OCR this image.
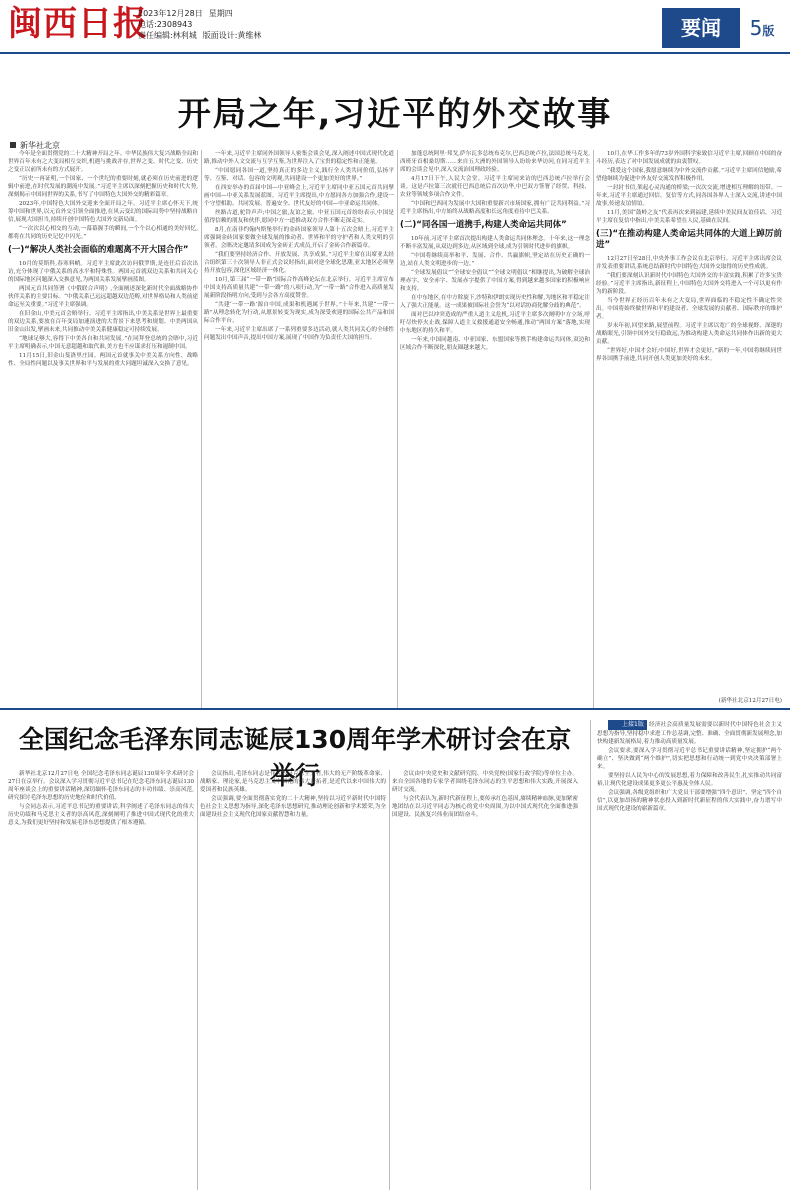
闽西日报
2023年12月28日 星期四
电话:2308943
责任编辑:林利城 版面设计:黄维林	要闻	5版
开局之年,习近平的外交故事
新华社北京

今年是全面贯彻党的二十大精神开局之年。中华民族伟大复兴战略全局和世界百年未有之大变局相互交织,机遇与挑战并存,世界之变、时代之变、历史之变正以前所未有的方式展开。

“历史一再证明,一个国家、一个世纪的重要时刻,就必须在历史前进的逻辑中前进,在时代发展的潮流中发展。”习近平主席以深刻把握历史和时代大势,深刻揭示中国同世界的关系,书写了中国特色大国外交的精彩篇章。

2023年,中国特色大国外交迎来全面开局之年。习近平主席心怀天下,统筹中国和世界,以元首外交引领全面推进,在风云变幻的国际局势中坚持战略自信,展现大国担当,持续开创中国特色大国外交新局面。

“一次次以心相交的互动,一幕幕握手的瞬间,一个个以心相通的美好回忆,都将在共同的历史记忆中闪光。”

(一)“解决人类社会面临的难题离不开大国合作”

10月的莫斯科,春寒料峭。习近平主席此次访问俄罗斯,是连任后首次出访,充分体现了中俄关系的高水平和特殊性。两国元首就双边关系和共同关心的国际地区问题深入交换意见,为两国关系发展擘画蓝图。

两国元首共同签署《中俄联合声明》,全面阐述深化新时代全面战略协作伙伴关系的主要目标。“中俄关系已远远超越双边范畴,对世界格局和人类前途命运至关重要。”习近平主席强调。

在旧金山,中美元首会晤举行。习近平主席指出,中美关系是世界上最重要的双边关系,要放在百年变局加速演进的大背景下来思考和规划。中美两国从旧金山出发,擘画未来,共同推动中美关系健康稳定可持续发展。

“地球足够大,容得下中美各自和共同发展。”在同拜登总统的会晤中,习近平主席明确表示,中国无意超越和取代谁,美方也不应谋求打压和遏制中国。

11月15日,旧金山斐洛里庄园。两国元首就事关中美关系方向性、战略性、全局性问题以及事关世界和平与发展的重大问题坦诚深入交换了意见。

一年来,习近平主席同外国领导人密集会谈会见,深入阐述中国式现代化道路,推动中外人文交流与互学互鉴,为世界注入了宝贵的稳定性和正能量。

“中国愿同各国一道,坚持真正的多边主义,践行全人类共同价值,弘扬平等、互鉴、对话、包容的文明观,共同建设一个更加美好的世界。”

在西安举办的首届中国—中亚峰会上,习近平主席同中亚五国元首共同擘画中国—中亚关系发展蓝图。习近平主席提出,中方愿同各方加强合作,建设一个守望相助、共同发展、普遍安全、世代友好的中国—中亚命运共同体。

丝路古道,驼铃声声;中国之旅,友谊之旅。中亚五国元首纷纷表示,中国是值得信赖的朋友和伙伴,愿同中方一道推动双方合作不断走深走实。

8月,在南非约翰内斯堡举行的金砖国家领导人第十五次会晤上,习近平主席强调金砖国家要做全球发展的推动者、世界和平的守护者和人类文明的引领者。会晤决定邀请多国成为金砖正式成员,开启了金砖合作新篇章。

“我们要坚持经济合作、开放发展、共享成果。”习近平主席在出席亚太经合组织第三十次领导人非正式会议时指出,面对逆全球化思潮,亚太地区必须坚持开放包容,深化区域经济一体化。

10月,第三届“一带一路”国际合作高峰论坛在北京举行。习近平主席宣布中国支持高质量共建“一带一路”的八项行动,为“一带一路”合作进入高质量发展新阶段指明方向,受到与会各方高度赞誉。

“共建‘一带一路’源自中国,成果和机遇属于世界。”十年来,共建“一带一路”从理念转化为行动,从愿景转变为现实,成为深受欢迎的国际公共产品和国际合作平台。

一年来,习近平主席出席了一系列重要多边活动,就人类共同关心的全球性问题发出中国声音,提出中国方案,展现了中国作为负责任大国的担当。

加蓬总统阿里·邦戈,萨尔瓦多总统布克尔,巴西总统卢拉,法国总统马克龙,西班牙首相桑切斯……来自五大洲的外国领导人纷纷来华访问,在同习近平主席的会谈会见中,深入交流治国理政经验。

4月17日下午,人民大会堂。习近平主席同来访的巴西总统卢拉举行会谈。这是卢拉第三次就任巴西总统后首次访华,中巴双方签署了经贸、科技、农业等领域多项合作文件。

“中国和巴西同为发展中大国和重要新兴市场国家,拥有广泛共同利益。”习近平主席指出,中方始终从战略高度和长远角度看待中巴关系。

(二)“同各国一道携手,构建人类命运共同体”

10年前,习近平主席首次提出构建人类命运共同体理念。十年来,这一理念不断丰富发展,从双边到多边,从区域到全球,成为引领时代进步的旗帜。

“中国将继续高举和平、发展、合作、共赢旗帜,坚定站在历史正确的一边,站在人类文明进步的一边。”

“全球发展倡议”“全球安全倡议”“全球文明倡议”相继提出,为破解全球治理赤字、安全赤字、发展赤字提供了中国方案,得到越来越多国家的积极响应和支持。

在中东地区,在中方斡旋下,沙特和伊朗实现历史性和解,为地区和平稳定注入了强大正能量。这一成果被国际社会誉为“以对话协商化解分歧的典范”。

面对巴以冲突造成的严重人道主义危机,习近平主席多次阐明中方立场,呼吁尽快停火止战,保障人道主义救援通道安全畅通,推动“两国方案”落地,实现中东地区的持久和平。

一年来,中国同越南、中亚国家、东盟国家等携手构建命运共同体,双边和区域合作不断深化,朋友圈越来越大。

10月,在华工作多年的73岁外国科学家致信习近平主席,回顾在中国的奋斗经历,表达了对中国发展成就的由衷赞叹。

“我爱这个国家,我愿意继续为中外交流作贡献。”习近平主席回信勉励,希望他继续为促进中外友好交流发挥积极作用。

一封封书信,架起心灵沟通的桥梁;一次次交流,增进相互理解的纽带。一年来,习近平主席通过回信、复信等方式,同各国各界人士深入交流,讲述中国故事,传递友谊情谊。

11月,美国“鼓岭之友”代表再次来到福建,延续中美民间友谊佳话。习近平主席在复信中指出,中美关系希望在人民,基础在民间。

(三)“在推动构建人类命运共同体的大道上踔厉前进”

12月27日至28日,中央外事工作会议在北京举行。习近平主席出席会议并发表重要讲话,系统总结新时代中国特色大国外交取得的历史性成就。

“我们要深刻认识新时代中国特色大国外交的丰富实践,积累了许多宝贵经验。”习近平主席指出,新征程上,中国特色大国外交将进入一个可以更有作为的新阶段。

当今世界正经历百年未有之大变局,世界面临的不稳定性不确定性突出。中国将始终做世界和平的建设者、全球发展的贡献者、国际秩序的维护者。

岁末年初,回望来路,展望前程。习近平主席以宽广的全球视野、深邃的战略眼光,引领中国外交行稳致远,为推动构建人类命运共同体作出新的更大贡献。

“世界好,中国才会好;中国好,世界才会更好。”新的一年,中国将继续同世界各国携手前进,共同开创人类更加美好的未来。

(新华社北京12月27日电)
全国纪念毛泽东同志诞辰130周年学术研讨会在京举行

新华社北京12月27日电 全国纪念毛泽东同志诞辰130周年学术研讨会27日在京举行。会议深入学习贯彻习近平总书记在纪念毛泽东同志诞辰130周年座谈会上的重要讲话精神,深切缅怀毛泽东同志的丰功伟绩、崇高风范,研究探讨毛泽东思想的历史地位和时代价值。

与会同志表示,习近平总书记的重要讲话,科学阐述了毛泽东同志的伟大历史功绩和马克思主义者的崇高风范,深刻阐明了推进中国式现代化的重大意义,为我们更好坚持和发展毛泽东思想提供了根本遵循。

会议指出,毛泽东同志是伟大的马克思主义者,伟大的无产阶级革命家、战略家、理论家,是马克思主义中国化的伟大开拓者,是近代以来中国伟大的爱国者和民族英雄。

会议强调,要全面贯彻落实党的二十大精神,坚持以习近平新时代中国特色社会主义思想为指导,深化毛泽东思想研究,推动理论创新和学术繁荣,为全面建设社会主义现代化国家贡献智慧和力量。

会议由中央党史和文献研究院、中央党校(国家行政学院)等单位主办。来自全国各地的专家学者围绕毛泽东同志的生平思想和伟大实践,开展深入研讨交流。

与会代表认为,新时代新征程上,要传承红色基因,赓续精神血脉,更加紧密地团结在以习近平同志为核心的党中央周围,为以中国式现代化全面推进强国建设、民族复兴伟业而团结奋斗。

上接1版 经济社会高质量发展需要以新时代中国特色社会主义思想为指导,坚持稳中求进工作总基调,完整、准确、全面贯彻新发展理念,加快构建新发展格局,着力推动高质量发展。

会议要求,要深入学习贯彻习近平总书记重要讲话精神,坚定拥护“两个确立”、坚决做到“两个维护”,切实把思想和行动统一到党中央决策部署上来。

要坚持以人民为中心的发展思想,着力保障和改善民生,扎实推动共同富裕,让现代化建设成果更多更公平惠及全体人民。

会议强调,各级党组织和广大党员干部要增强“四个意识”、坚定“四个自信”,以更加昂扬的精神状态投入到新时代新征程的伟大实践中,奋力谱写中国式现代化建设的崭新篇章。
